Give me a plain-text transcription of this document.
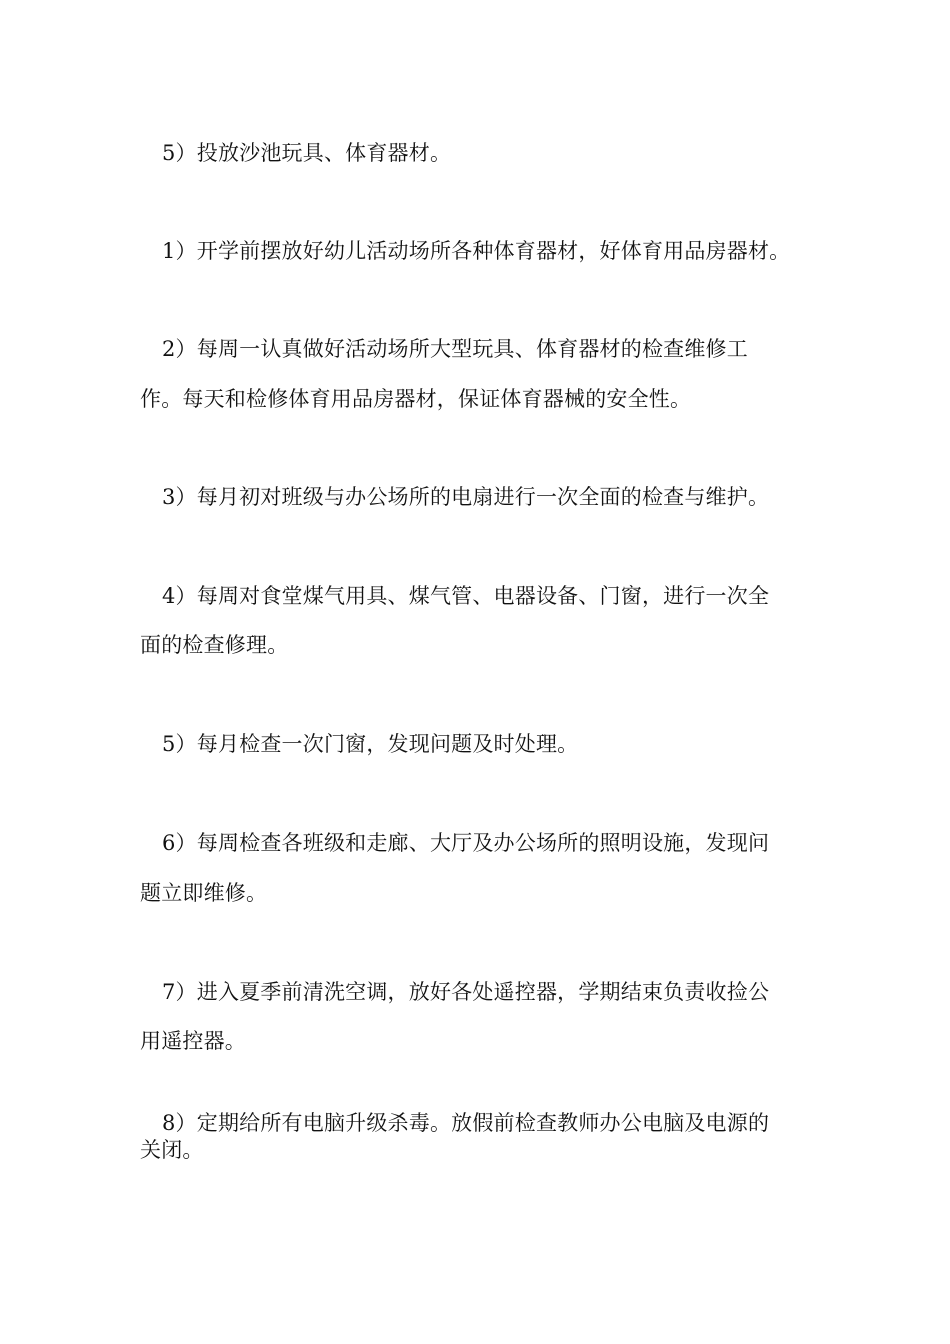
5）投放沙池玩具、体育器材。
1）开学前摆放好幼儿活动场所各种体育器材，好体育用品房器材。
2）每周一认真做好活动场所大型玩具、体育器材的检查维修工
作。每天和检修体育用品房器材，保证体育器械的安全性。
3）每月初对班级与办公场所的电扇进行一次全面的检查与维护。
4）每周对食堂煤气用具、煤气管、电器设备、门窗，进行一次全
面的检查修理。
5）每月检查一次门窗，发现问题及时处理。
6）每周检查各班级和走廊、大厅及办公场所的照明设施，发现问
题立即维修。
7）进入夏季前清洗空调，放好各处遥控器，学期结束负责收捡公
用遥控器。
8）定期给所有电脑升级杀毒。放假前检查教师办公电脑及电源的
关闭。
